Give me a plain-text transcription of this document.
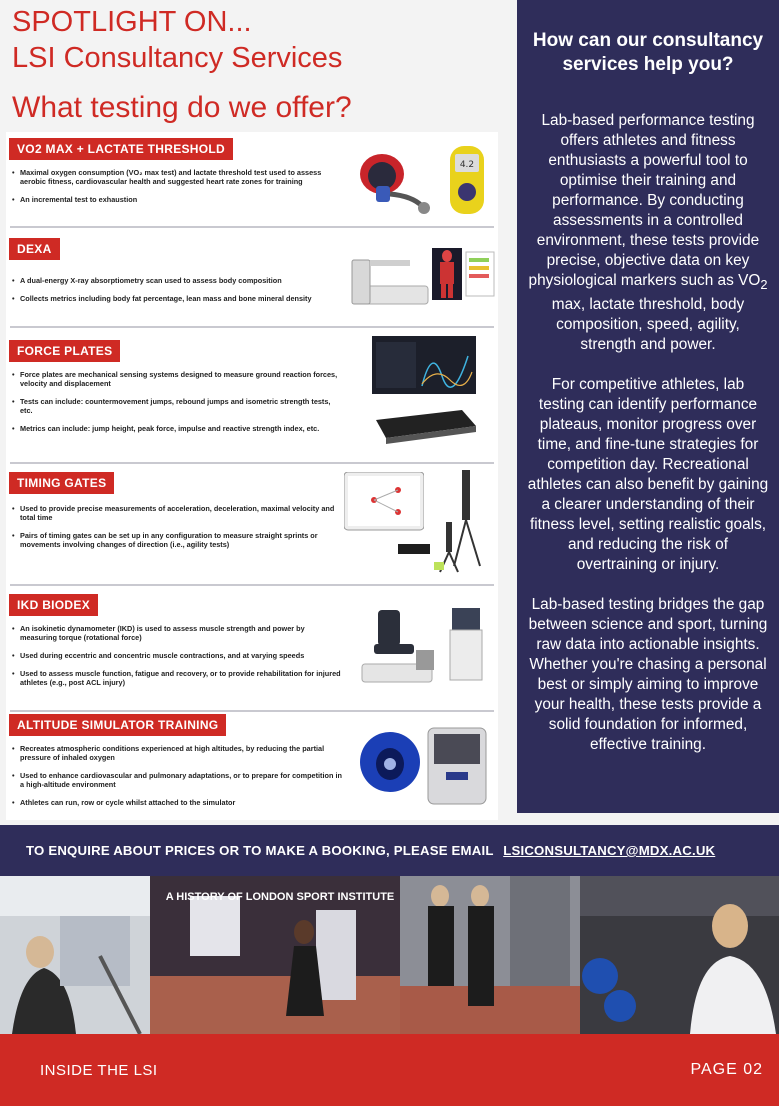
SPOTLIGHT ON...
LSI Consultancy Services
What testing do we offer?
VO2 MAX + LACTATE THRESHOLD
• Maximal oxygen consumption (VO₂ max test) and lactate threshold test used to assess aerobic fitness, cardiovascular health and suggested heart rate zones for training
• An incremental test to exhaustion
4.2
DEXA
• A dual-energy X-ray absorptiometry scan used to assess body composition
• Collects metrics including body fat percentage, lean mass and bone mineral density
FORCE PLATES
• Force plates are mechanical sensing systems designed to measure ground reaction forces, velocity and displacement
• Tests can include: countermovement jumps, rebound jumps and isometric strength tests, etc.
• Metrics can include: jump height, peak force, impulse and reactive strength index, etc.
TIMING GATES
• Used to provide precise measurements of acceleration, deceleration, maximal velocity and total time
• Pairs of timing gates can be set up in any configuration to measure straight sprints or movements involving changes of direction (i.e., agility tests)
IKD BIODEX
• An isokinetic dynamometer (IKD) is used to assess muscle strength and power by measuring torque (rotational force)
• Used during eccentric and concentric muscle contractions, and at varying speeds
• Used to assess muscle function, fatigue and recovery, or to provide rehabilitation for injured athletes (e.g., post ACL injury)
ALTITUDE SIMULATOR TRAINING
• Recreates atmospheric conditions experienced at high altitudes, by reducing the partial pressure of inhaled oxygen
• Used to enhance cardiovascular and pulmonary adaptations, or to prepare for competition in a high-altitude environment
• Athletes can run, row or cycle whilst attached to the simulator
How can our consultancy services help you?

Lab-based performance testing offers athletes and fitness enthusiasts a powerful tool to optimise their training and performance. By conducting assessments in a controlled environment, these tests provide precise, objective data on key physiological markers such as $VO_2$ max, lactate threshold, body composition, speed, agility, strength and power.

For competitive athletes, lab testing can identify performance plateaus, monitor progress over time, and fine-tune strategies for competition day. Recreational athletes can also benefit by gaining a clearer understanding of their fitness level, setting realistic goals, and reducing the risk of overtraining or injury.

Lab-based testing bridges the gap between science and sport, turning raw data into actionable insights. Whether you're chasing a personal best or simply aiming to improve your health, these tests provide a solid foundation for informed, effective training.

TO ENQUIRE ABOUT PRICES OR TO MAKE A BOOKING, PLEASE EMAIL LSICONSULTANCY@MDX.AC.UK
A HISTORY OF LONDON SPORT INSTITUTE
INSIDE THE LSI	PAGE 02
